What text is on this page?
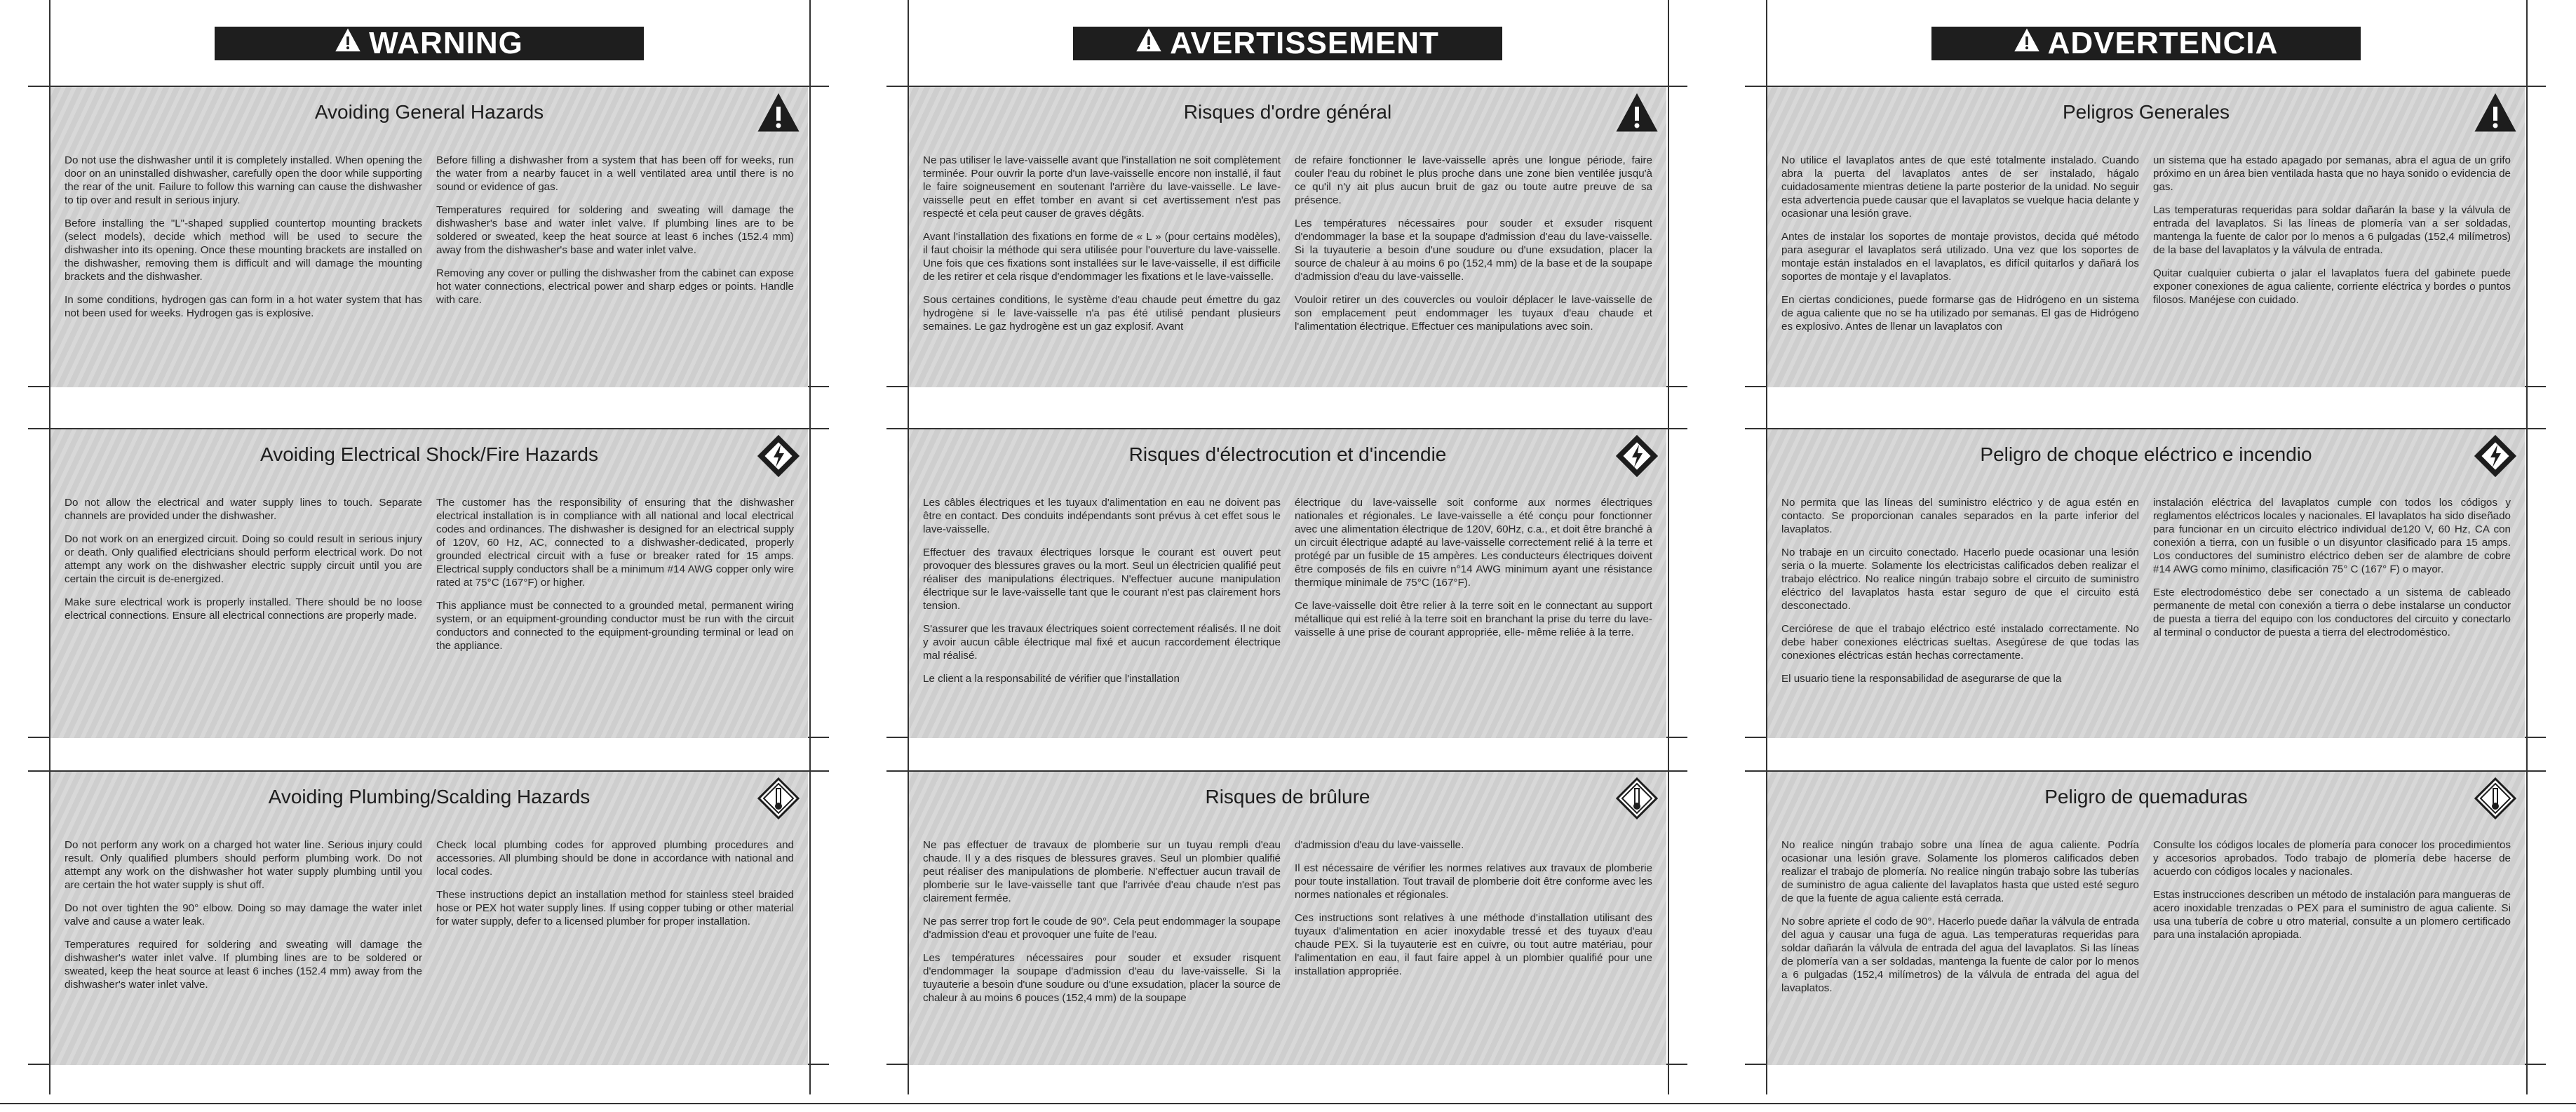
WARNING
Avoiding General Hazards

Do not use the dishwasher until it is completely installed. When opening the door on an uninstalled dishwasher, carefully open the door while supporting the rear of the unit. Failure to follow this warning can cause the dishwasher to tip over and result in serious injury.

Before installing the "L"-shaped supplied countertop mounting brackets (select models), decide which method will be used to secure the dishwasher into its opening. Once these mounting brackets are installed on the dishwasher, removing them is difficult and will damage the mounting brackets and the dishwasher.

In some conditions, hydrogen gas can form in a hot water system that has not been used for weeks. Hydrogen gas is explosive.

Before filling a dishwasher from a system that has been off for weeks, run the water from a nearby faucet in a well ventilated area until there is no sound or evidence of gas.

Temperatures required for soldering and sweating will damage the dishwasher's base and water inlet valve. If plumbing lines are to be soldered or sweated, keep the heat source at least 6 inches (152.4 mm) away from the dishwasher's base and water inlet valve.

Removing any cover or pulling the dishwasher from the cabinet can expose hot water connections, electrical power and sharp edges or points. Handle with care.

Avoiding Electrical Shock/Fire Hazards

Do not allow the electrical and water supply lines to touch. Separate channels are provided under the dishwasher.

Do not work on an energized circuit. Doing so could result in serious injury or death. Only qualified electricians should perform electrical work. Do not attempt any work on the dishwasher electric supply circuit until you are certain the circuit is de-energized.

Make sure electrical work is properly installed. There should be no loose electrical connections. Ensure all electrical connections are properly made.

The customer has the responsibility of ensuring that the dishwasher electrical installation is in compliance with all national and local electrical codes and ordinances. The dishwasher is designed for an electrical supply of 120V, 60 Hz, AC, connected to a dishwasher-dedicated, properly grounded electrical circuit with a fuse or breaker rated for 15 amps. Electrical supply conductors shall be a minimum #14 AWG copper only wire rated at 75°C (167°F) or higher.

This appliance must be connected to a grounded metal, permanent wiring system, or an equipment-grounding conductor must be run with the circuit conductors and connected to the equipment-grounding terminal or lead on the appliance.

Avoiding Plumbing/Scalding Hazards

Do not perform any work on a charged hot water line. Serious injury could result. Only qualified plumbers should perform plumbing work. Do not attempt any work on the dishwasher hot water supply plumbing until you are certain the hot water supply is shut off.

Do not over tighten the 90° elbow. Doing so may damage the water inlet valve and cause a water leak.

Temperatures required for soldering and sweating will damage the dishwasher's water inlet valve. If plumbing lines are to be soldered or sweated, keep the heat source at least 6 inches (152.4 mm) away from the dishwasher's water inlet valve.

Check local plumbing codes for approved plumbing procedures and accessories. All plumbing should be done in accordance with national and local codes.

These instructions depict an installation method for stainless steel braided hose or PEX hot water supply lines. If using copper tubing or other material for water supply, defer to a licensed plumber for proper installation.

AVERTISSEMENT
Risques d'ordre général

Ne pas utiliser le lave-vaisselle avant que l'installation ne soit complètement terminée. Pour ouvrir la porte d'un lave-vaisselle encore non installé, il faut le faire soigneusement en soutenant l'arrière du lave-vaisselle. Le lave-vaisselle peut en effet tomber en avant si cet avertissement n'est pas respecté et cela peut causer de graves dégâts.

Avant l'installation des fixations en forme de « L » (pour certains modèles), il faut choisir la méthode qui sera utilisée pour l'ouverture du lave-vaisselle. Une fois que ces fixations sont installées sur le lave-vaisselle, il est difficile de les retirer et cela risque d'endommager les fixations et le lave-vaisselle.

Sous certaines conditions, le système d'eau chaude peut émettre du gaz hydrogène si le lave-vaisselle n'a pas été utilisé pendant plusieurs semaines. Le gaz hydrogène est un gaz explosif. Avant

de refaire fonctionner le lave-vaisselle après une longue période, faire couler l'eau du robinet le plus proche dans une zone bien ventilée jusqu'à ce qu'il n'y ait plus aucun bruit de gaz ou toute autre preuve de sa présence.

Les températures nécessaires pour souder et exsuder risquent d'endommager la base et la soupape d'admission d'eau du lave-vaisselle. Si la tuyauterie a besoin d'une soudure ou d'une exsudation, placer la source de chaleur à au moins 6 po (152,4 mm) de la base et de la soupape d'admission d'eau du lave-vaisselle.

Vouloir retirer un des couvercles ou vouloir déplacer le lave-vaisselle de son emplacement peut endommager les tuyaux d'eau chaude et l'alimentation électrique. Effectuer ces manipulations avec soin.

Risques d'électrocution et d'incendie

Les câbles électriques et les tuyaux d'alimentation en eau ne doivent pas être en contact. Des conduits indépendants sont prévus à cet effet sous le lave-vaisselle.

Effectuer des travaux électriques lorsque le courant est ouvert peut provoquer des blessures graves ou la mort. Seul un électricien qualifié peut réaliser des manipulations électriques. N'effectuer aucune manipulation électrique sur le lave-vaisselle tant que le courant n'est pas clairement hors tension.

S'assurer que les travaux électriques soient correctement réalisés. Il ne doit y avoir aucun câble électrique mal fixé et aucun raccordement électrique mal réalisé.

Le client a la responsabilité de vérifier que l'installation

électrique du lave-vaisselle soit conforme aux normes électriques nationales et régionales. Le lave-vaisselle a été conçu pour fonctionner avec une alimentation électrique de 120V, 60Hz, c.a., et doit être branché à un circuit électrique adapté au lave-vaisselle correctement relié à la terre et protégé par un fusible de 15 ampères. Les conducteurs électriques doivent être composés de fils en cuivre n°14 AWG minimum ayant une résistance thermique minimale de 75°C (167°F).

Ce lave-vaisselle doit être relier à la terre soit en le connectant au support métallique qui est relié à la terre soit en branchant la prise du terre du lave-vaisselle à une prise de courant appropriée, elle- même reliée à la terre.

Risques de brûlure

Ne pas effectuer de travaux de plomberie sur un tuyau rempli d'eau chaude. Il y a des risques de blessures graves. Seul un plombier qualifié peut réaliser des manipulations de plomberie. N'effectuer aucun travail de plomberie sur le lave-vaisselle tant que l'arrivée d'eau chaude n'est pas clairement fermée.

Ne pas serrer trop fort le coude de 90°. Cela peut endommager la soupape d'admission d'eau et provoquer une fuite de l'eau.

Les températures nécessaires pour souder et exsuder risquent d'endommager la soupape d'admission d'eau du lave-vaisselle. Si la tuyauterie a besoin d'une soudure ou d'une exsudation, placer la source de chaleur à au moins 6 pouces (152,4 mm) de la soupape

d'admission d'eau du lave-vaisselle.

Il est nécessaire de vérifier les normes relatives aux travaux de plomberie pour toute installation. Tout travail de plomberie doit être conforme avec les normes nationales et régionales.

Ces instructions sont relatives à une méthode d'installation utilisant des tuyaux d'alimentation en acier inoxydable tressé et des tuyaux d'eau chaude PEX. Si la tuyauterie est en cuivre, ou tout autre matériau, pour l'alimentation en eau, il faut faire appel à un plombier qualifié pour une installation appropriée.

ADVERTENCIA
Peligros Generales

No utilice el lavaplatos antes de que esté totalmente instalado. Cuando abra la puerta del lavaplatos antes de ser instalado, hágalo cuidadosamente mientras detiene la parte posterior de la unidad. No seguir esta advertencia puede causar que el lavaplatos se vuelque hacia delante y ocasionar una lesión grave.

Antes de instalar los soportes de montaje provistos, decida qué método para asegurar el lavaplatos será utilizado. Una vez que los soportes de montaje están instalados en el lavaplatos, es difícil quitarlos y dañará los soportes de montaje y el lavaplatos.

En ciertas condiciones, puede formarse gas de Hidrógeno en un sistema de agua caliente que no se ha utilizado por semanas. El gas de Hidrógeno es explosivo. Antes de llenar un lavaplatos con

un sistema que ha estado apagado por semanas, abra el agua de un grifo próximo en un área bien ventilada hasta que no haya sonido o evidencia de gas.

Las temperaturas requeridas para soldar dañarán la base y la válvula de entrada del lavaplatos. Si las líneas de plomería van a ser soldadas, mantenga la fuente de calor por lo menos a 6 pulgadas (152,4 milímetros) de la base del lavaplatos y la válvula de entrada.

Quitar cualquier cubierta o jalar el lavaplatos fuera del gabinete puede exponer conexiones de agua caliente, corriente eléctrica y bordes o puntos filosos. Manéjese con cuidado.

Peligro de choque eléctrico e incendio

No permita que las líneas del suministro eléctrico y de agua estén en contacto. Se proporcionan canales separados en la parte inferior del lavaplatos.

No trabaje en un circuito conectado. Hacerlo puede ocasionar una lesión seria o la muerte. Solamente los electricistas calificados deben realizar el trabajo eléctrico. No realice ningún trabajo sobre el circuito de suministro eléctrico del lavaplatos hasta estar seguro de que el circuito está desconectado.

Cerciórese de que el trabajo eléctrico esté instalado correctamente. No debe haber conexiones eléctricas sueltas. Asegúrese de que todas las conexiones eléctricas están hechas correctamente.

El usuario tiene la responsabilidad de asegurarse de que la

instalación eléctrica del lavaplatos cumple con todos los códigos y reglamentos eléctricos locales y nacionales. El lavaplatos ha sido diseñado para funcionar en un circuito eléctrico individual de120 V, 60 Hz, CA con conexión a tierra, con un fusible o un disyuntor clasificado para 15 amps. Los conductores del suministro eléctrico deben ser de alambre de cobre #14 AWG como mínimo, clasificación 75° C (167° F) o mayor.

Este electrodoméstico debe ser conectado a un sistema de cableado permanente de metal con conexión a tierra o debe instalarse un conductor de puesta a tierra del equipo con los conductores del circuito y conectarlo al terminal o conductor de puesta a tierra del electrodoméstico.

Peligro de quemaduras

No realice ningún trabajo sobre una línea de agua caliente. Podría ocasionar una lesión grave. Solamente los plomeros calificados deben realizar el trabajo de plomería. No realice ningún trabajo sobre las tuberías de suministro de agua caliente del lavaplatos hasta que usted esté seguro de que la fuente de agua caliente está cerrada.

No sobre apriete el codo de 90°. Hacerlo puede dañar la válvula de entrada del agua y causar una fuga de agua. Las temperaturas requeridas para soldar dañarán la válvula de entrada del agua del lavaplatos. Si las líneas de plomería van a ser soldadas, mantenga la fuente de calor por lo menos a 6 pulgadas (152,4 milímetros) de la válvula de entrada del agua del lavaplatos.

Consulte los códigos locales de plomería para conocer los procedimientos y accesorios aprobados. Todo trabajo de plomería debe hacerse de acuerdo con códigos locales y nacionales.

Estas instrucciones describen un método de instalación para mangueras de acero inoxidable trenzadas o PEX para el suministro de agua caliente. Si usa una tubería de cobre u otro material, consulte a un plomero certificado para una instalación apropiada.
